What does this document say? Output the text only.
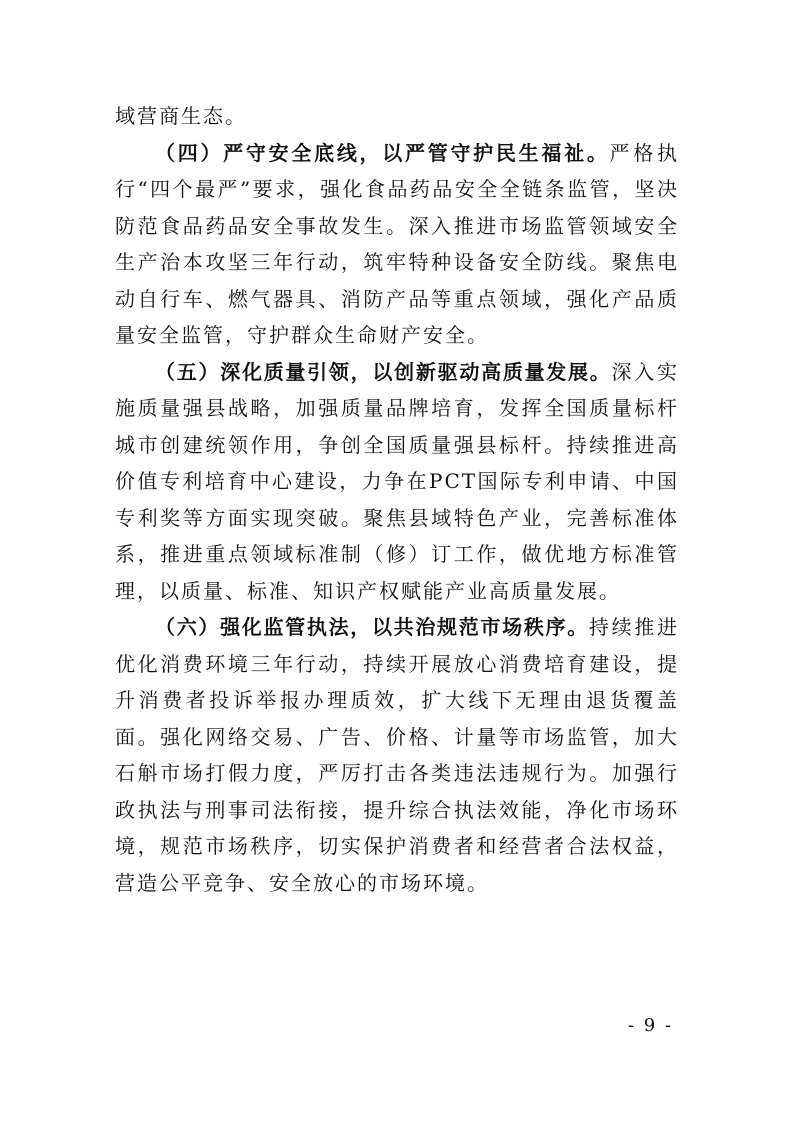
域营商生态。

（四）严守安全底线，以严管守护民生福祉。严格执行“四个最严”要求，强化食品药品安全全链条监管，坚决防范食品药品安全事故发生。深入推进市场监管领域安全生产治本攻坚三年行动，筑牢特种设备安全防线。聚焦电动自行车、燃气器具、消防产品等重点领域，强化产品质量安全监管，守护群众生命财产安全。

（五）深化质量引领，以创新驱动高质量发展。深入实施质量强县战略，加强质量品牌培育，发挥全国质量标杆城市创建统领作用，争创全国质量强县标杆。持续推进高价值专利培育中心建设，力争在PCT国际专利申请、中国专利奖等方面实现突破。聚焦县域特色产业，完善标准体系，推进重点领域标准制（修）订工作，做优地方标准管理，以质量、标准、知识产权赋能产业高质量发展。

（六）强化监管执法，以共治规范市场秩序。持续推进优化消费环境三年行动，持续开展放心消费培育建设，提升消费者投诉举报办理质效，扩大线下无理由退货覆盖面。强化网络交易、广告、价格、计量等市场监管，加大石斛市场打假力度，严厉打击各类违法违规行为。加强行政执法与刑事司法衔接，提升综合执法效能，净化市场环境，规范市场秩序，切实保护消费者和经营者合法权益，营造公平竞争、安全放心的市场环境。

- 9 -
